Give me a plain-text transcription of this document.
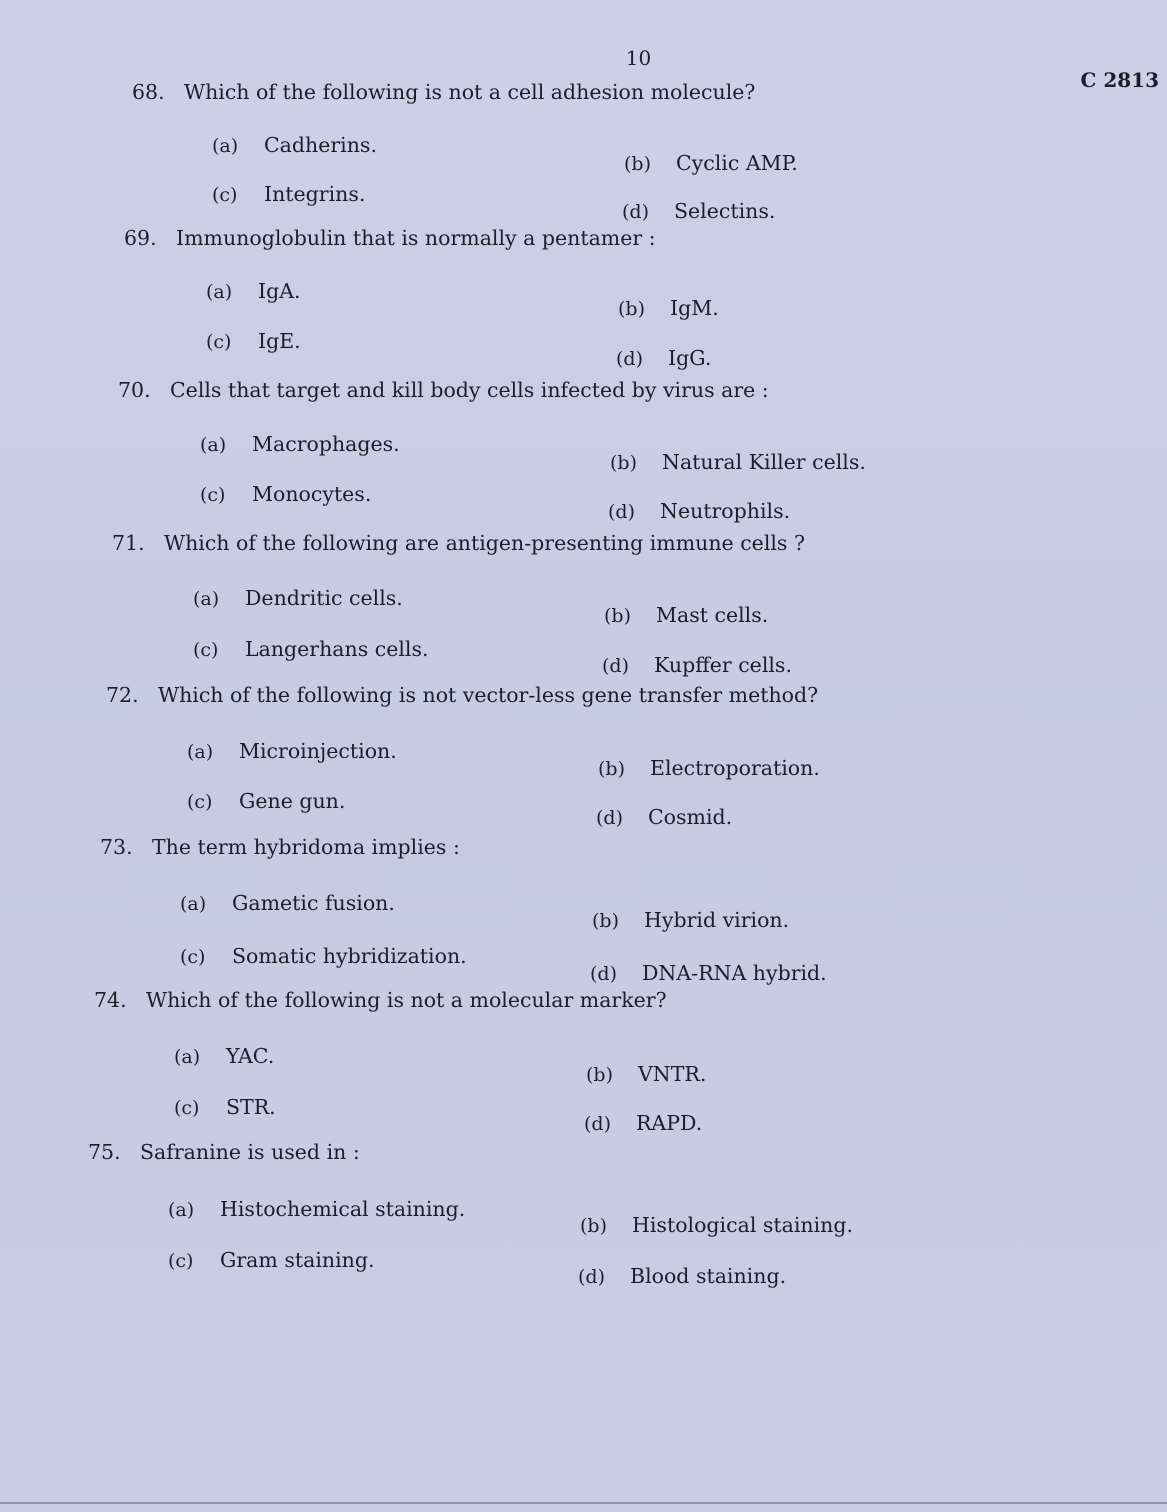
10
C 2813
68. Which of the following is not a cell adhesion molecule?
(a) Cadherins.
(b) Cyclic AMP.
(c) Integrins.
(d) Selectins.
69. Immunoglobulin that is normally a pentamer :
(a) IgA.
(b) IgM.
(c) IgE.
(d) IgG.
70. Cells that target and kill body cells infected by virus are :
(a) Macrophages.
(b) Natural Killer cells.
(c) Monocytes.
(d) Neutrophils.
71. Which of the following are antigen-presenting immune cells ?
(a) Dendritic cells.
(b) Mast cells.
(c) Langerhans cells.
(d) Kupffer cells.
72. Which of the following is not vector-less gene transfer method?
(a) Microinjection.
(b) Electroporation.
(c) Gene gun.
(d) Cosmid.
73. The term hybridoma implies :
(a) Gametic fusion.
(b) Hybrid virion.
(c) Somatic hybridization.
(d) DNA-RNA hybrid.
74. Which of the following is not a molecular marker?
(a) YAC.
(b) VNTR.
(c) STR.
(d) RAPD.
75. Safranine is used in :
(a) Histochemical staining.
(b) Histological staining.
(c) Gram staining.
(d) Blood staining.
